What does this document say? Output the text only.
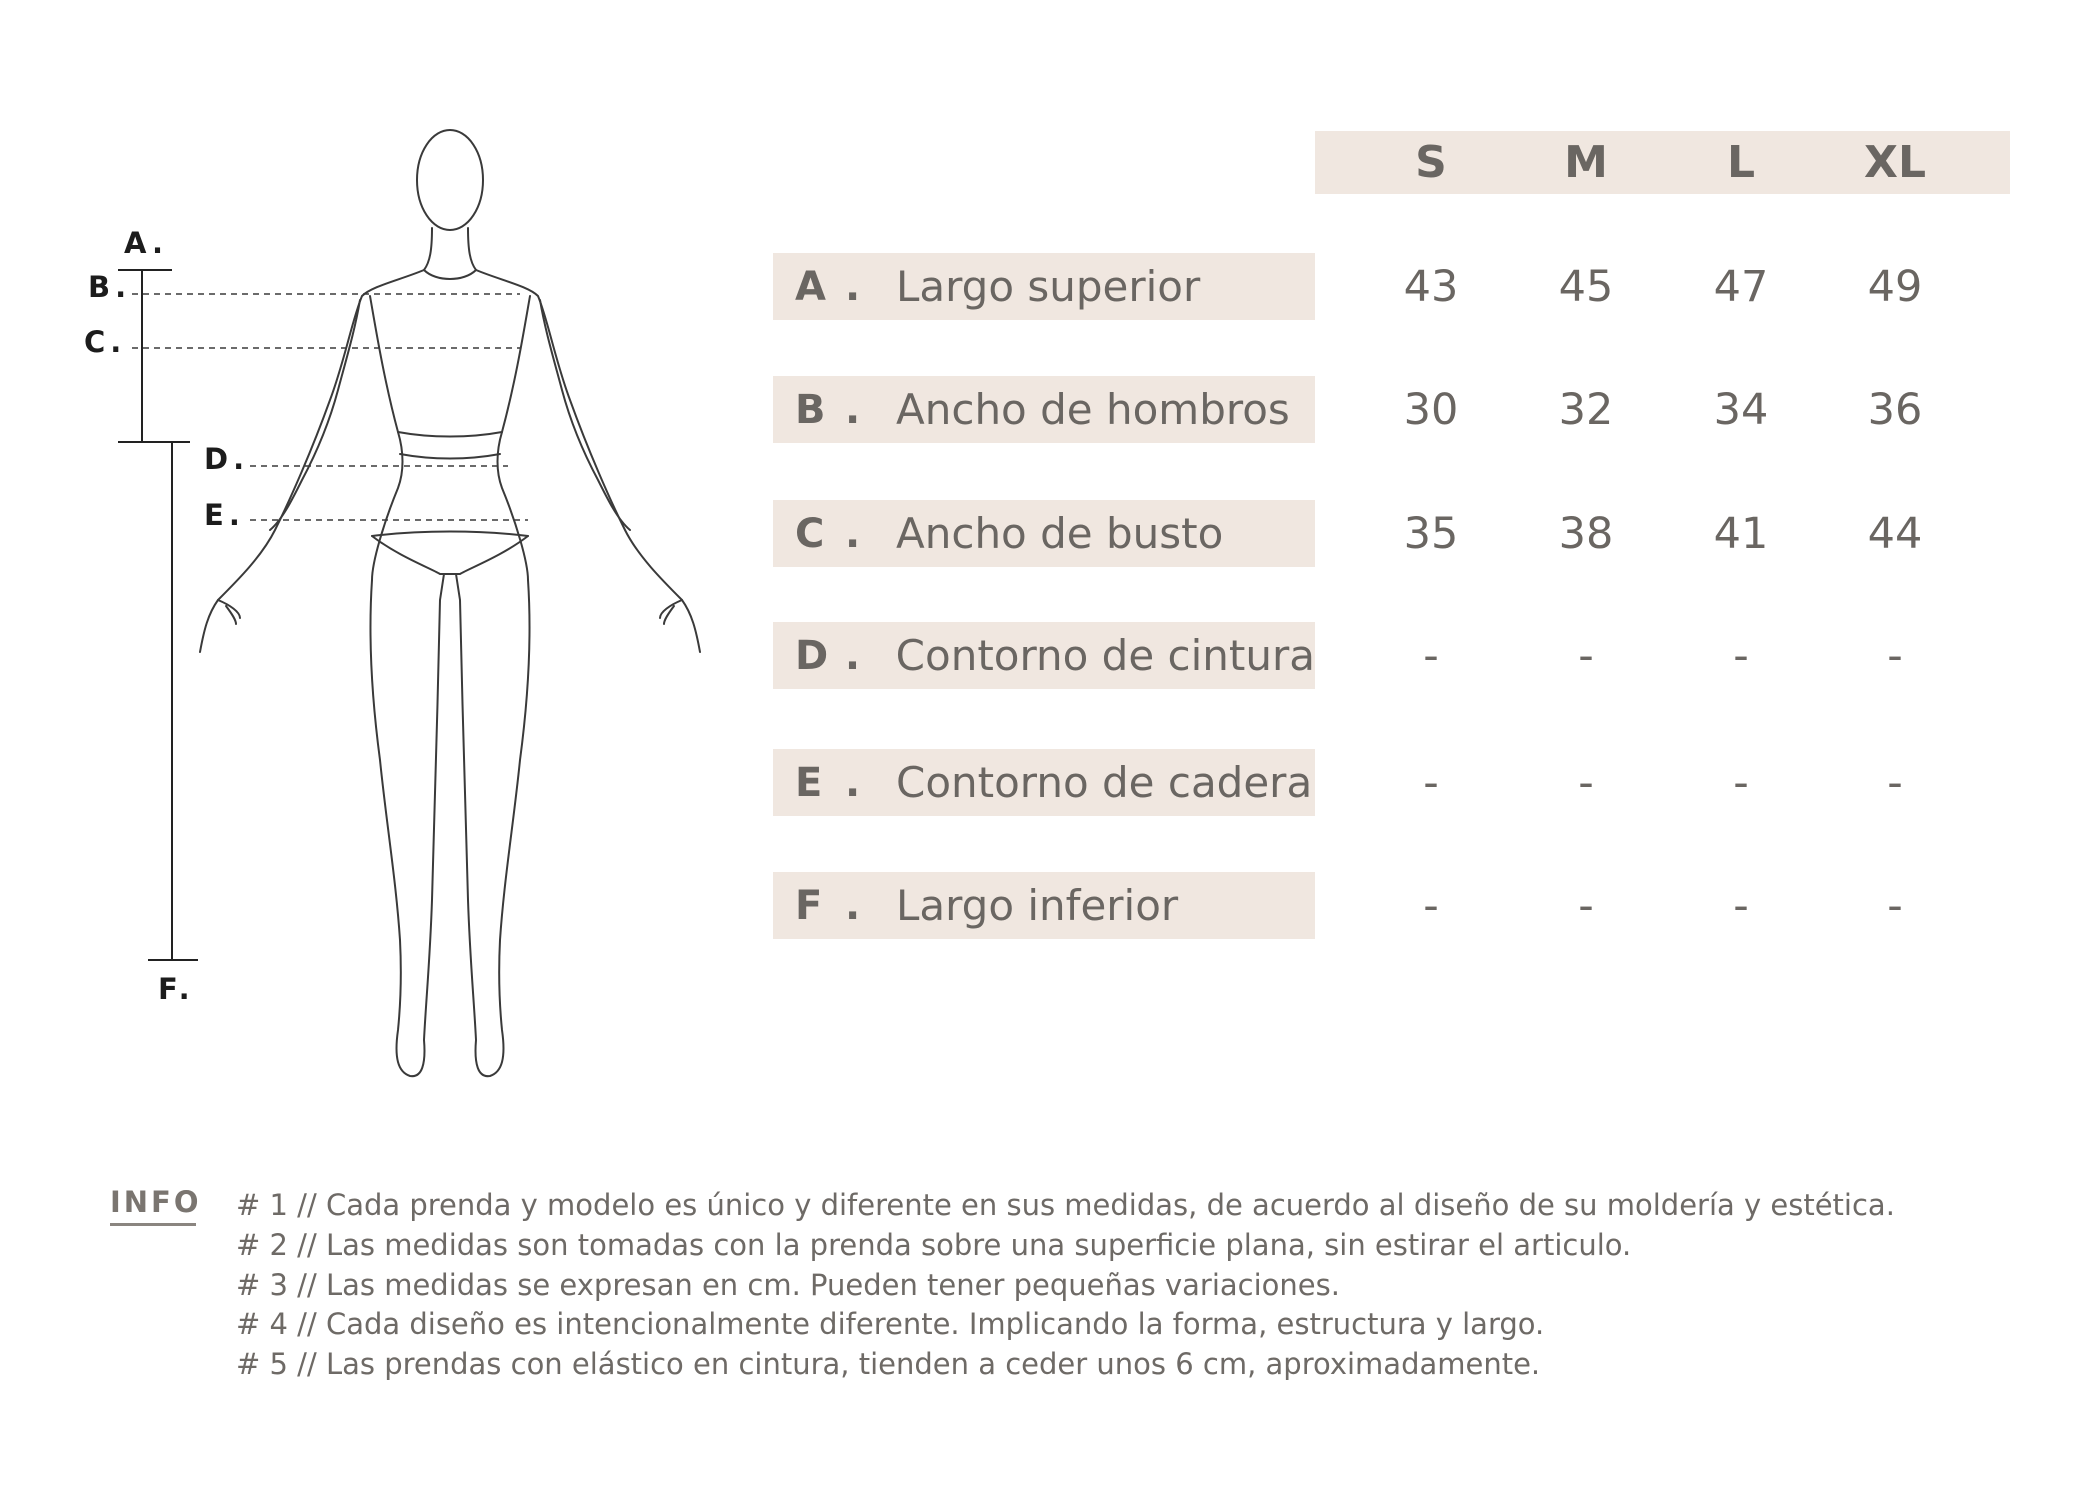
A.
B.
C.
D.
E.
F.
S	M	L	XL
A . Largo superior	43	45	47	49
B . Ancho de hombros	30	32	34	36
C . Ancho de busto	35	38	41	44
D . Contorno de cintura	-	-	-	-
E . Contorno de cadera	-	-	-	-
F . Largo inferior	-	-	-	-
INFO # 1 // Cada prenda y modelo es único y diferente en sus medidas, de acuerdo al diseño de su moldería y estética.
# 2 // Las medidas son tomadas con la prenda sobre una superficie plana, sin estirar el articulo.
# 3 // Las medidas se expresan en cm. Pueden tener pequeñas variaciones.
# 4 // Cada diseño es intencionalmente diferente. Implicando la forma, estructura y largo.
# 5 // Las prendas con elástico en cintura, tienden a ceder unos 6 cm, aproximadamente.
